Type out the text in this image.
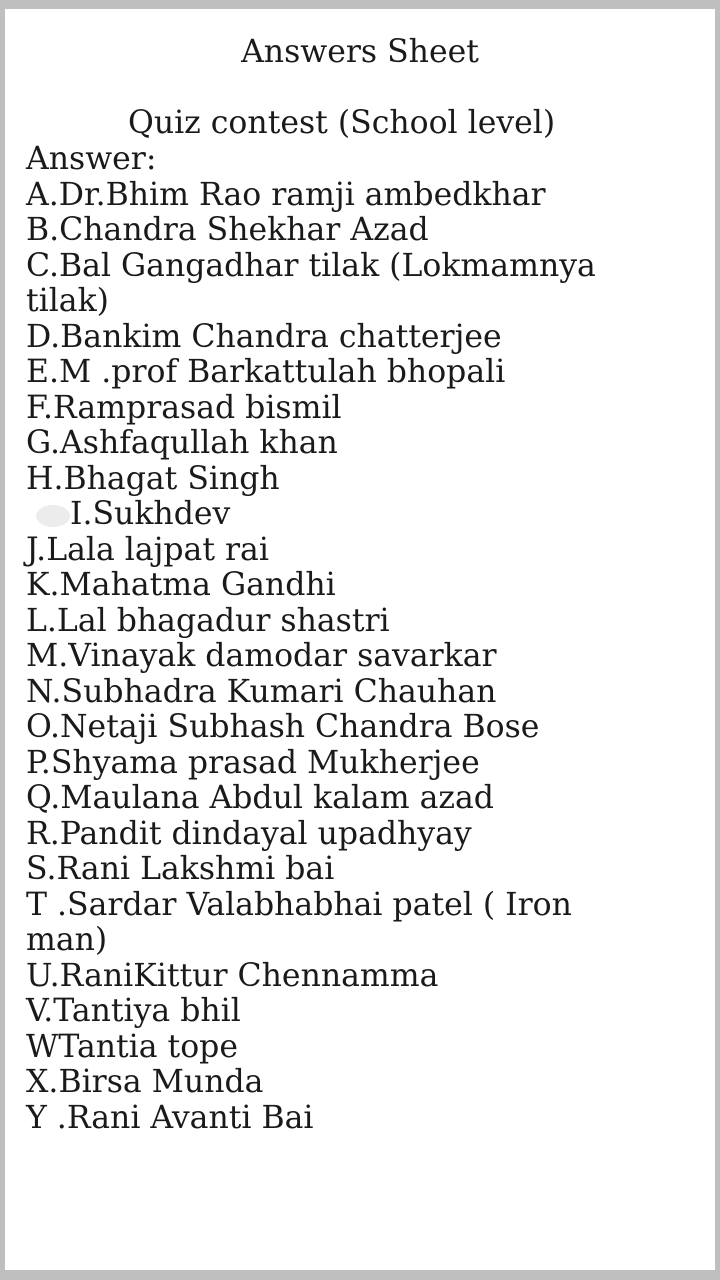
Answers Sheet
Quiz contest (School level)
Answer:
A.Dr.Bhim Rao ramji ambedkhar
B.Chandra Shekhar Azad
C.Bal Gangadhar tilak (Lokmamnya
tilak)
D.Bankim Chandra chatterjee
E.M .prof Barkattulah bhopali
F.Ramprasad bismil
G.Ashfaqullah khan
H.Bhagat Singh
I.Sukhdev
J.Lala lajpat rai
K.Mahatma Gandhi
L.Lal bhagadur shastri
M.Vinayak damodar savarkar
N.Subhadra Kumari Chauhan
O.Netaji Subhash Chandra Bose
P.Shyama prasad Mukherjee
Q.Maulana Abdul kalam azad
R.Pandit dindayal upadhyay
S.Rani Lakshmi bai
T .Sardar Valabhabhai patel ( Iron
man)
U.RaniKittur Chennamma
V.Tantiya bhil
WTantia tope
X.Birsa Munda
Y .Rani Avanti Bai
